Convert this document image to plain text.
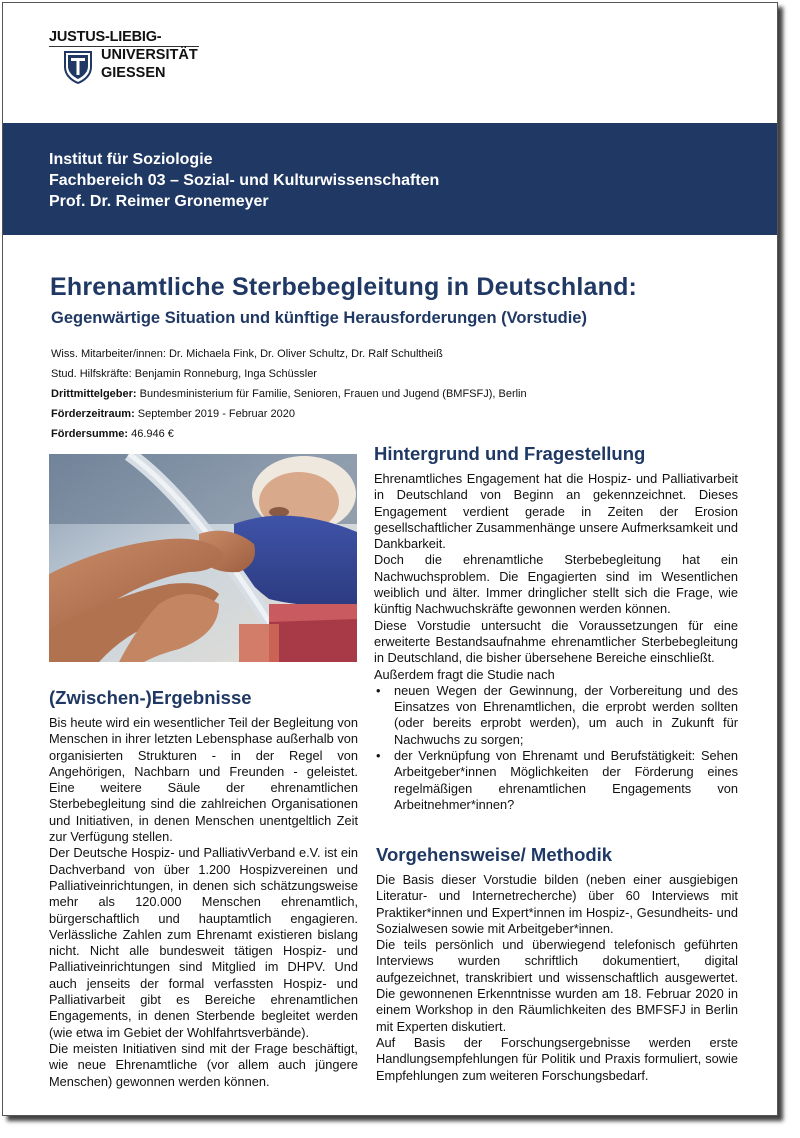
JUSTUS-LIEBIG-
UNIVERSITÄT
GIESSEN
Institut für Soziologie
Fachbereich 03 – Sozial- und Kulturwissenschaften
Prof. Dr. Reimer Gronemeyer
Ehrenamtliche Sterbebegleitung in Deutschland:
Gegenwärtige Situation und künftige Herausforderungen (Vorstudie)
Wiss. Mitarbeiter/innen: Dr. Michaela Fink, Dr. Oliver Schultz, Dr. Ralf Schultheiß
Stud. Hilfskräfte: Benjamin Ronneburg, Inga Schüssler
Drittmittelgeber: Bundesministerium für Familie, Senioren, Frauen und Jugend (BMFSFJ), Berlin
Förderzeitraum: September 2019 - Februar 2020
Fördersumme: 46.946 €
(Zwischen-)Ergebnisse

Bis heute wird ein wesentlicher Teil der Begleitung von Menschen in ihrer letzten Lebensphase außerhalb von organisierten Strukturen - in der Regel von Angehörigen, Nachbarn und Freunden - geleistet. Eine weitere Säule der ehrenamtlichen Sterbebegleitung sind die zahlreichen Organisationen und Initiativen, in denen Menschen unentgeltlich Zeit zur Verfügung stellen.

Der Deutsche Hospiz- und PalliativVerband e.V. ist ein Dachverband von über 1.200 Hospizvereinen und Palliativeinrichtungen, in denen sich schätzungsweise mehr als 120.000 Menschen ehrenamtlich, bürgerschaftlich und hauptamtlich engagieren. Verlässliche Zahlen zum Ehrenamt existieren bislang nicht. Nicht alle bundesweit tätigen Hospiz- und Palliativeinrichtungen sind Mitglied im DHPV. Und auch jenseits der formal verfassten Hospiz- und Palliativarbeit gibt es Bereiche ehrenamtlichen Engagements, in denen Sterbende begleitet werden (wie etwa im Gebiet der Wohlfahrtsverbände).

Die meisten Initiativen sind mit der Frage beschäftigt, wie neue Ehrenamtliche (vor allem auch jüngere Menschen) gewonnen werden können.

Hintergrund und Fragestellung

Ehrenamtliches Engagement hat die Hospiz- und Palliativarbeit in Deutschland von Beginn an gekennzeichnet. Dieses Engagement verdient gerade in Zeiten der Erosion gesellschaftlicher Zusammenhänge unsere Aufmerksamkeit und Dankbarkeit.

Doch die ehrenamtliche Sterbebegleitung hat ein Nachwuchsproblem. Die Engagierten sind im Wesentlichen weiblich und älter. Immer dringlicher stellt sich die Frage, wie künftig Nachwuchskräfte gewonnen werden können.

Diese Vorstudie untersucht die Voraussetzungen für eine erweiterte Bestandsaufnahme ehrenamtlicher Sterbebegleitung in Deutschland, die bisher übersehene Bereiche einschließt.

Außerdem fragt die Studie nach

• neuen Wegen der Gewinnung, der Vorbereitung und des Einsatzes von Ehrenamtlichen, die erprobt werden sollten (oder bereits erprobt werden), um auch in Zukunft für Nachwuchs zu sorgen;
• der Verknüpfung von Ehrenamt und Berufstätigkeit: Sehen Arbeitgeber*innen Möglichkeiten der Förderung eines regelmäßigen ehrenamtlichen Engagements von Arbeitnehmer*innen?
Vorgehensweise/ Methodik

Die Basis dieser Vorstudie bilden (neben einer ausgiebigen Literatur- und Internetrecherche) über 60 Interviews mit Praktiker*innen und Expert*innen im Hospiz-, Gesundheits- und Sozialwesen sowie mit Arbeitgeber*innen.

Die teils persönlich und überwiegend telefonisch geführten Interviews wurden schriftlich dokumentiert, digital aufgezeichnet, transkribiert und wissenschaftlich ausgewertet. Die gewonnenen Erkenntnisse wurden am 18. Februar 2020 in einem Workshop in den Räumlichkeiten des BMFSFJ in Berlin mit Experten diskutiert.

Auf Basis der Forschungsergebnisse werden erste Handlungsempfehlungen für Politik und Praxis formuliert, sowie Empfehlungen zum weiteren Forschungsbedarf.
